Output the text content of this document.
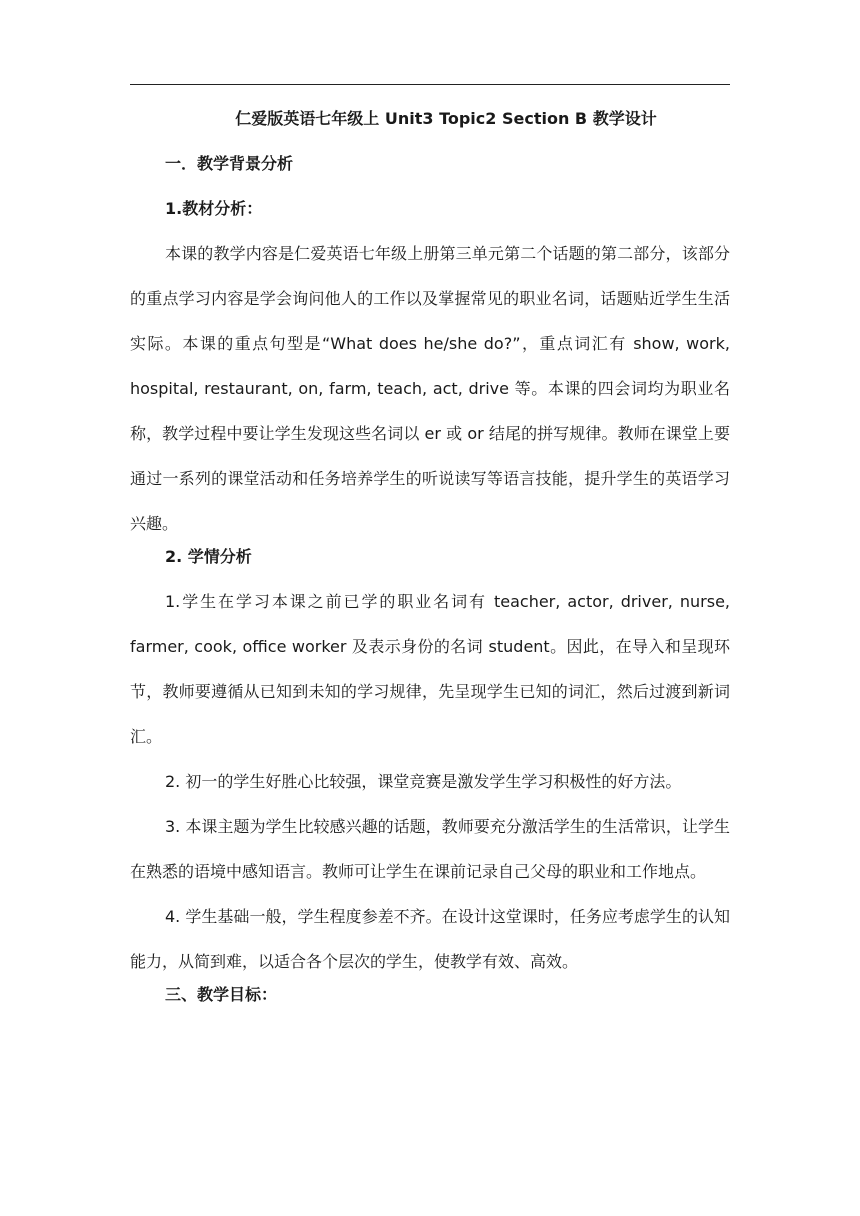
仁爱版英语七年级上 Unit3 Topic2 Section B 教学设计
一．教学背景分析
1.教材分析：

本课的教学内容是仁爱英语七年级上册第三单元第二个话题的第二部分，该部分的重点学习内容是学会询问他人的工作以及掌握常见的职业名词，话题贴近学生生活实际。本课的重点句型是“What does he/she do?”，重点词汇有 show, work, hospital, restaurant, on, farm, teach, act, drive 等。本课的四会词均为职业名称，教学过程中要让学生发现这些名词以 er 或 or 结尾的拼写规律。教师在课堂上要通过一系列的课堂活动和任务培养学生的听说读写等语言技能，提升学生的英语学习兴趣。

2. 学情分析

1.学生在学习本课之前已学的职业名词有 teacher, actor, driver, nurse, farmer, cook, office worker 及表示身份的名词 student。因此，在导入和呈现环节，教师要遵循从已知到未知的学习规律，先呈现学生已知的词汇，然后过渡到新词汇。

2. 初一的学生好胜心比较强，课堂竞赛是激发学生学习积极性的好方法。

3. 本课主题为学生比较感兴趣的话题，教师要充分激活学生的生活常识，让学生在熟悉的语境中感知语言。教师可让学生在课前记录自己父母的职业和工作地点。

4. 学生基础一般，学生程度参差不齐。在设计这堂课时，任务应考虑学生的认知能力，从简到难，以适合各个层次的学生，使教学有效、高效。

三、教学目标：
